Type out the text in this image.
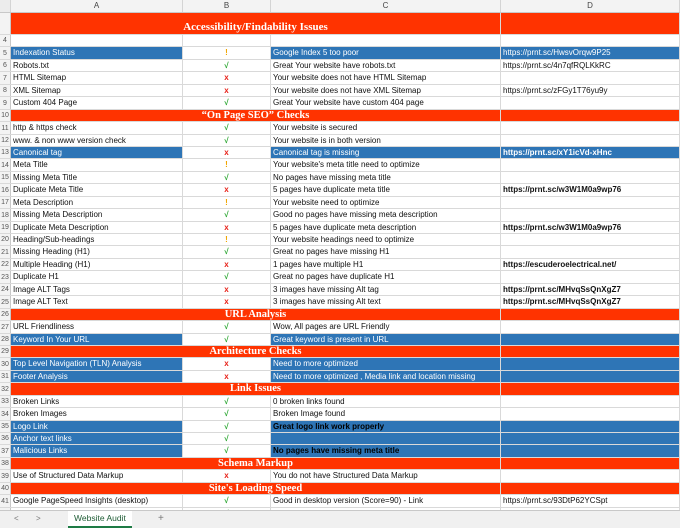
A	B	C	D
Accessibility/Findability Issues
4
5 Indexation Status	!	Google Index 5 too poor	https://prnt.sc/HwsvOrqw9P25
6 Robots.txt	√	Great Your website have robots.txt	https://prnt.sc/4n7qfRQLKkRC
7 HTML Sitemap	x	Your website does not have HTML Sitemap
8 XML Sitemap	x	Your website does not have XML Sitemap	https://prnt.sc/zFGy1T76yu9y
9 Custom 404 Page	√	Great Your website have custom 404 page
10	“On Page SEO” Checks
11 http & https check	√	Your website is secured
12 www. & non www version check	√	Your website is in both version
13 Canonical tag	x	Canonical tag is missing	https://prnt.sc/xY1icVd-xHnc
14 Meta Title	!	Your website's meta title need to optimize
15 Missing Meta Title	√	No pages have missing meta title
16 Duplicate Meta Title	x	5 pages have duplicate meta title	https://prnt.sc/w3W1M0a9wp76
17 Meta Description	!	Your website need to optimize
18 Missing Meta Description	√	Good no pages have missing meta description
19 Duplicate Meta Description	x	5 pages have duplicate meta description	https://prnt.sc/w3W1M0a9wp76
20 Heading/Sub-headings	!	Your website headings need to optimize
21 Missing Heading (H1)	√	Great no pages have missing H1
22 Multiple Heading (H1)	x	1 pages have multiple H1	https://escuderoelectrical.net/
23 Duplicate H1	√	Great no pages have duplicate H1
24 Image ALT Tags	x	3 images have missing Alt tag	https://prnt.sc/MHvqSsQnXgZ7
25 Image ALT Text	x	3 images have missing Alt text	https://prnt.sc/MHvqSsQnXgZ7
26	URL Analysis
27 URL Friendliness	√	Wow, All pages are URL Friendly
28 Keyword In Your URL	√	Great keyword is present in URL
29	Architecture Checks
30 Top Level Navigation (TLN) Analysis	x	Need to more optimized
31 Footer Analysis	x	Need to more optimized , Media link and location missing
32	Link Issues
33 Broken Links	√	0 broken links found
34 Broken Images	√	Broken Image found
35 Logo Link	√	Great logo link work properly
36 Anchor text links	√
37 Malicious Links	√	No pages have missing meta title
38	Schema Markup
39 Use of Structured Data Markup	x	You do not have Structured Data Markup
40	Site's Loading Speed
41 Google PageSpeed Insights (desktop)	√	Good in desktop version (Score=90) - Link	https://prnt.sc/93DtP62YCSpt
< >	Website Audit	+
